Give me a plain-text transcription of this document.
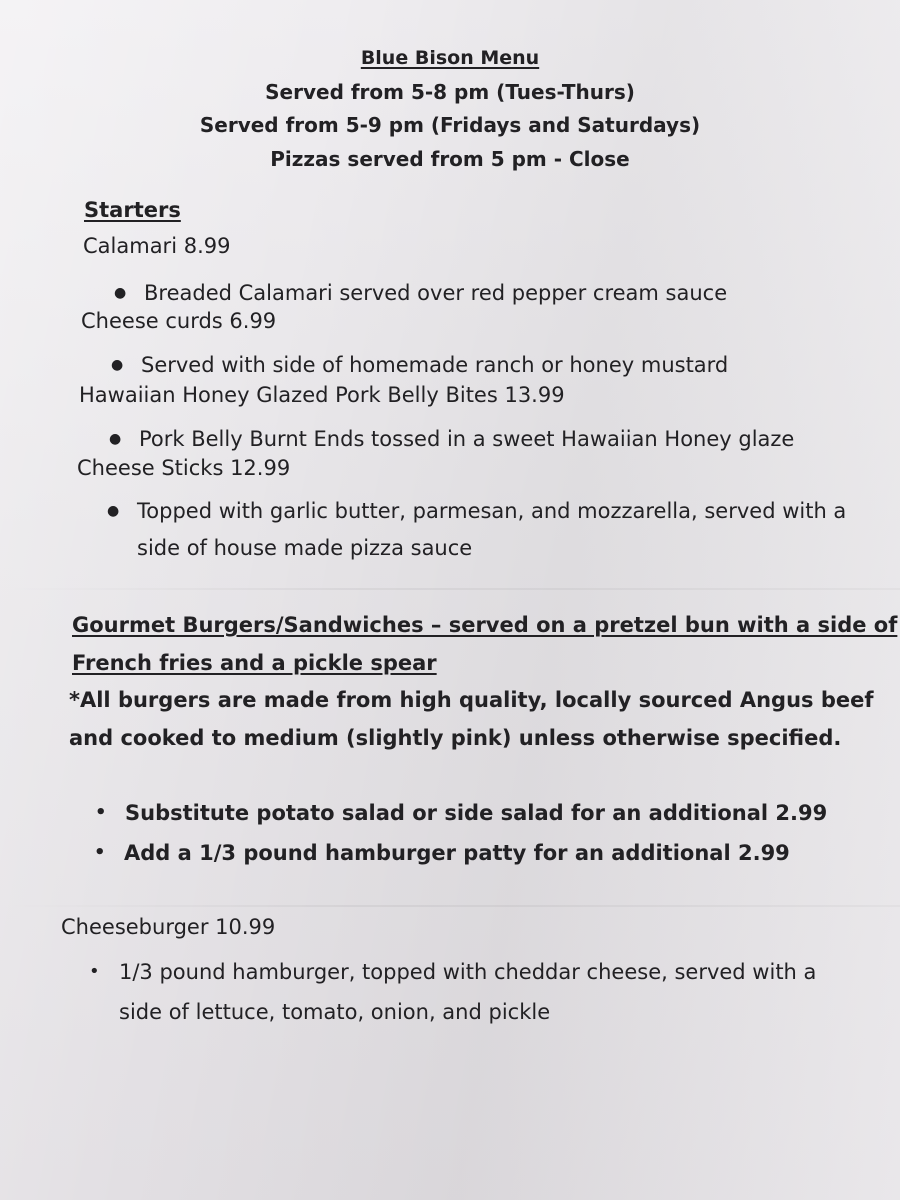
Blue Bison Menu
Served from 5-8 pm (Tues-Thurs)
Served from 5-9 pm (Fridays and Saturdays)
Pizzas served from 5 pm - Close
Starters
Calamari 8.99
● Breaded Calamari served over red pepper cream sauce
Cheese curds 6.99
● Served with side of homemade ranch or honey mustard
Hawaiian Honey Glazed Pork Belly Bites 13.99
● Pork Belly Burnt Ends tossed in a sweet Hawaiian Honey glaze
Cheese Sticks 12.99
● Topped with garlic butter, parmesan, and mozzarella, served with a
side of house made pizza sauce
Gourmet Burgers/Sandwiches – served on a pretzel bun with a side of
French fries and a pickle spear
*All burgers are made from high quality, locally sourced Angus beef
and cooked to medium (slightly pink) unless otherwise specified.
• Substitute potato salad or side salad for an additional 2.99
• Add a 1/3 pound hamburger patty for an additional 2.99
Cheeseburger 10.99
• 1/3 pound hamburger, topped with cheddar cheese, served with a
side of lettuce, tomato, onion, and pickle
